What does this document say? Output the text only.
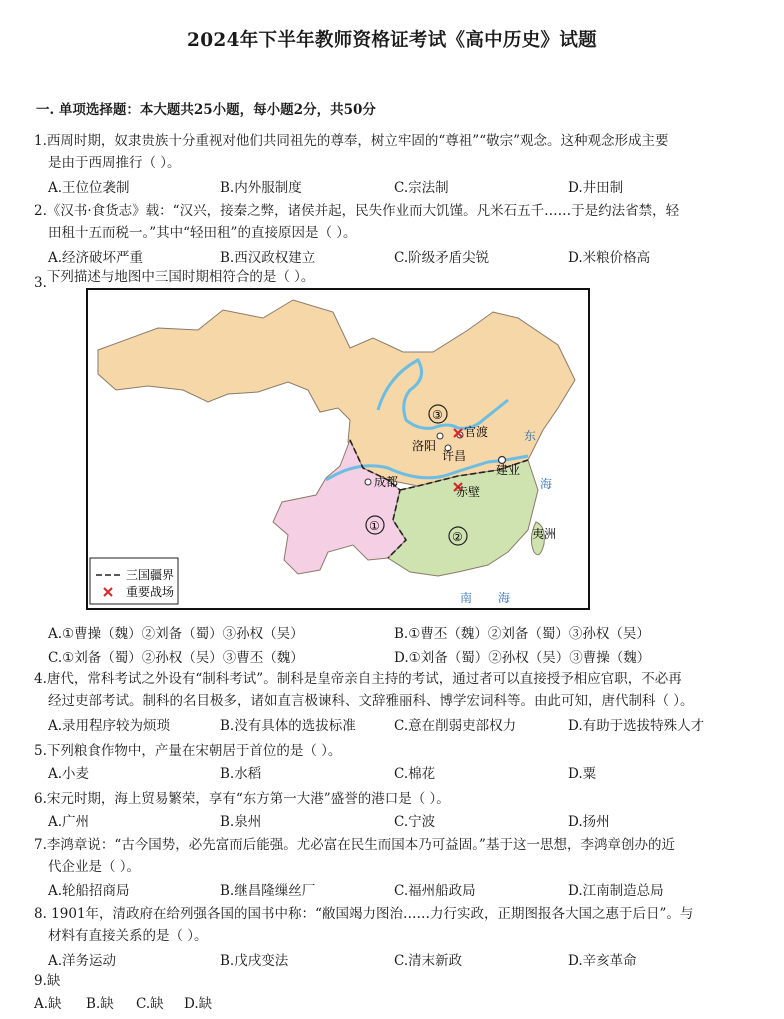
2024年下半年教师资格证考试《高中历史》试题
一. 单项选择题：本大题共25小题，每小题2分，共50分
1.西周时期，奴隶贵族十分重视对他们共同祖先的尊奉，树立牢固的“尊祖”“敬宗”观念。这种观念形成主要
是由于西周推行（ ）。
A.王位位袭制	B.内外服制度	C.宗法制	D.井田制
2.《汉书·食货志》载：“汉兴，接秦之弊，诸侯并起，民失作业而大饥馑。凡米石五千……于是约法省禁，轻
田租十五而税一。”其中“轻田租”的直接原因是（ ）。
A.经济破坏严重	B.西汉政权建立	C.阶级矛盾尖锐	D.米粮价格高
3.下列描述与地图中三国时期相符合的是（ ）。
③
①
②
官渡
洛阳
许昌
建业
成都
赤壁
东
海
南 海
夷洲
三国疆界
重要战场
A.①曹操（魏）②刘备（蜀）③孙权（吴）	B.①曹丕（魏）②刘备（蜀）③孙权（吴）
C.①刘备（蜀）②孙权（吴）③曹丕（魏）	D.①刘备（蜀）②孙权（吴）③曹操（魏）
4.唐代，常科考试之外设有“制科考试”。制科是皇帝亲自主持的考试，通过者可以直接授予相应官职，不必再
经过吏部考试。制科的名目极多，诸如直言极谏科、文辞雅丽科、博学宏词科等。由此可知，唐代制科（ ）。
A.录用程序较为烦琐	B.没有具体的选拔标准	C.意在削弱吏部权力	D.有助于选拔特殊人才
5.下列粮食作物中，产量在宋朝居于首位的是（ ）。
A.小麦	B.水稻	C.棉花	D.粟
6.宋元时期，海上贸易繁荣，享有“东方第一大港”盛誉的港口是（ ）。
A.广州	B.泉州	C.宁波	D.扬州
7.李鸿章说：“古今国势，必先富而后能强。尤必富在民生而国本乃可益固。”基于这一思想，李鸿章创办的近
代企业是（ ）。
A.轮船招商局	B.继昌隆缫丝厂	C.福州船政局	D.江南制造总局
8. 1901年，清政府在给列强各国的国书中称：“敝国竭力图治……力行实政，正期图报各大国之惠于后日”。与
材料有直接关系的是（ ）。
A.洋务运动	B.戊戌变法	C.清末新政	D.辛亥革命
9.缺
A.缺 B.缺 C.缺 D.缺
